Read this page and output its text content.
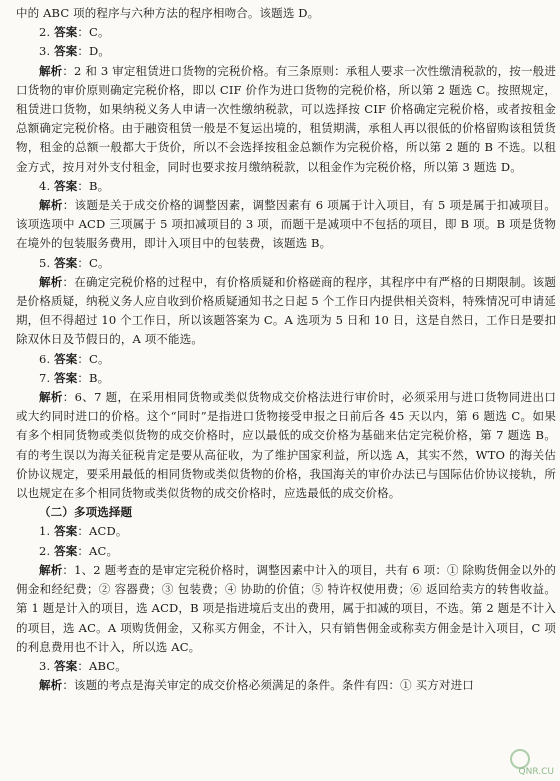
中的 ABC 项的程序与六种方法的程序相吻合。该题选 D。

2. 答案：C。

3. 答案：D。

解析：2 和 3 审定租赁进口货物的完税价格。有三条原则：承租人要求一次性缴清税款的，按一般进口货物的审价原则确定完税价格，即以 CIF 价作为进口货物的完税价格，所以第 2 题选 C。按照规定，租赁进口货物，如果纳税义务人申请一次性缴纳税款，可以选择按 CIF 价格确定完税价格，或者按租金总额确定完税价格。由于融资租赁一般是不复运出境的，租赁期满，承租人再以很低的价格留购该租赁货物，租金的总额一般都大于货价，所以不会选择按租金总额作为完税价格，所以第 2 题的 B 不选。以租金方式，按月对外支付租金，同时也要求按月缴纳税款，以租金作为完税价格，所以第 3 题选 D。

4. 答案：B。

解析：该题是关于成交价格的调整因素，调整因素有 6 项属于计入项目，有 5 项是属于扣减项目。该项选项中 ACD 三项属于 5 项扣减项目的 3 项，而题干是减项中不包括的项目，即 B 项。B 项是货物在境外的包装服务费用，即计入项目中的包装费，该题选 B。

5. 答案：C。

解析：在确定完税价格的过程中，有价格质疑和价格磋商的程序，其程序中有严格的日期限制。该题是价格质疑，纳税义务人应自收到价格质疑通知书之日起 5 个工作日内提供相关资料，特殊情况可申请延期，但不得超过 10 个工作日，所以该题答案为 C。A 选项为 5 日和 10 日，这是自然日，工作日是要扣除双休日及节假日的，A 项不能选。

6. 答案：C。

7. 答案：B。

解析：6、7 题，在采用相同货物或类似货物成交价格法进行审价时，必须采用与进口货物同进出口或大约同时进口的价格。这个“同时”是指进口货物接受申报之日前后各 45 天以内，第 6 题选 C。如果有多个相同货物或类似货物的成交价格时，应以最低的成交价格为基础来估定完税价格，第 7 题选 B。有的考生误以为海关征税肯定是要从高征收，为了维护国家利益，所以选 A，其实不然，WTO 的海关估价协议规定，要采用最低的相同货物或类似货物的价格，我国海关的审价办法已与国际估价协议接轨，所以也规定在多个相同货物或类似货物的成交价格时，应选最低的成交价格。

（二）多项选择题

1. 答案：ACD。

2. 答案：AC。

解析：1、2 题考查的是审定完税价格时，调整因素中计入的项目，共有 6 项：① 除购货佣金以外的佣金和经纪费；② 容器费；③ 包装费；④ 协助的价值；⑤ 特许权使用费；⑥ 返回给卖方的转售收益。第 1 题是计入的项目，选 ACD，B 项是指进境后支出的费用，属于扣减的项目，不选。第 2 题是不计入的项目，选 AC。A 项购货佣金，又称买方佣金，不计入，只有销售佣金或称卖方佣金是计入项目，C 项的利息费用也不计入，所以选 AC。

3. 答案：ABC。

解析：该题的考点是海关审定的成交价格必须满足的条件。条件有四：① 买方对进口

QNR.CU
